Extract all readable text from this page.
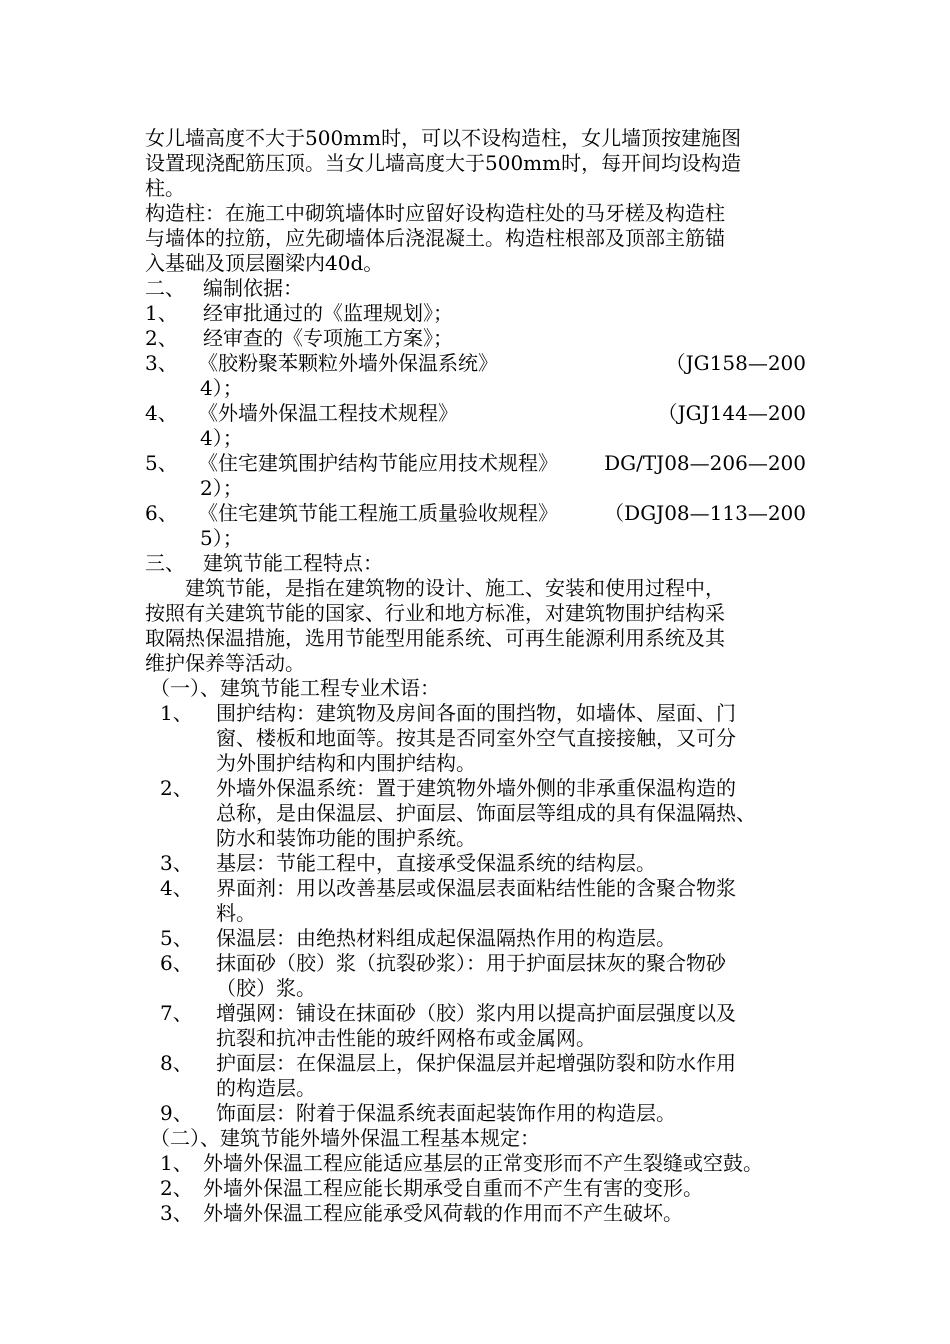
女儿墙高度不大于500mm时，可以不设构造柱，女儿墙顶按建施图
设置现浇配筋压顶。当女儿墙高度大于500mm时，每开间均设构造
柱。
构造柱：在施工中砌筑墙体时应留好设构造柱处的马牙槎及构造柱
与墙体的拉筋，应先砌墙体后浇混凝土。构造柱根部及顶部主筋锚
入基础及顶层圈梁内40d。
二、 编制依据：
1、 经审批通过的《监理规划》；
2、 经审查的《专项施工方案》；
3、 《胶粉聚苯颗粒外墙外保温系统》	（JG158—200
4）；
4、 《外墙外保温工程技术规程》	（JGJ144—200
4）；
5、 《住宅建筑围护结构节能应用技术规程》 DG/TJ08—206—200
2）；
6、 《住宅建筑节能工程施工质量验收规程》 （DGJ08—113—200
5）；
三、 建筑节能工程特点：
建筑节能，是指在建筑物的设计、施工、安装和使用过程中，
按照有关建筑节能的国家、行业和地方标准，对建筑物围护结构采
取隔热保温措施，选用节能型用能系统、可再生能源利用系统及其
维护保养等活动。
（一）、建筑节能工程专业术语：
1、 围护结构：建筑物及房间各面的围挡物，如墙体、屋面、门
窗、楼板和地面等。按其是否同室外空气直接接触，又可分
为外围护结构和内围护结构。
2、 外墙外保温系统：置于建筑物外墙外侧的非承重保温构造的
总称，是由保温层、护面层、饰面层等组成的具有保温隔热、
防水和装饰功能的围护系统。
3、 基层：节能工程中，直接承受保温系统的结构层。
4、 界面剂：用以改善基层或保温层表面粘结性能的含聚合物浆
料。
5、 保温层：由绝热材料组成起保温隔热作用的构造层。
6、 抹面砂（胶）浆（抗裂砂浆）：用于护面层抹灰的聚合物砂
（胶）浆。
7、 增强网：铺设在抹面砂（胶）浆内用以提高护面层强度以及
抗裂和抗冲击性能的玻纤网格布或金属网。
8、 护面层：在保温层上，保护保温层并起增强防裂和防水作用
的构造层。
9、 饰面层：附着于保温系统表面起装饰作用的构造层。
（二）、建筑节能外墙外保温工程基本规定：
1、 外墙外保温工程应能适应基层的正常变形而不产生裂缝或空鼓。
2、 外墙外保温工程应能长期承受自重而不产生有害的变形。
3、 外墙外保温工程应能承受风荷载的作用而不产生破坏。
